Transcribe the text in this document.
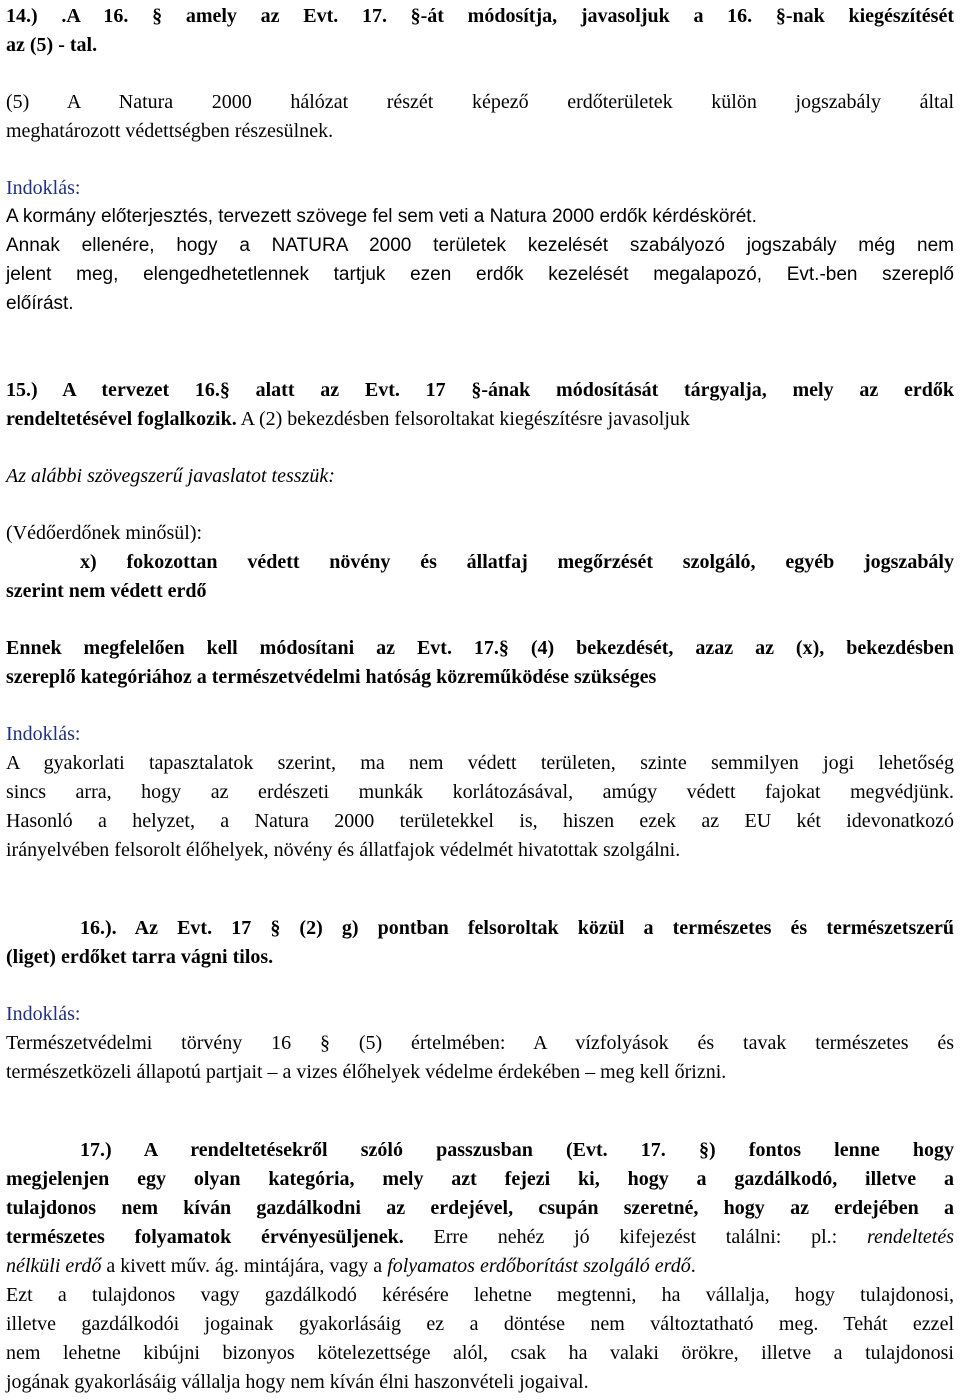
14.) .A 16. § amely az Evt. 17. §-át módosítja, javasoljuk a 16. §-nak kiegészítését
az (5) - tal.
(5) A Natura 2000 hálózat részét képező erdőterületek külön jogszabály által
meghatározott védettségben részesülnek.
Indoklás:
A kormány előterjesztés, tervezett szövege fel sem veti a Natura 2000 erdők kérdéskörét.
Annak ellenére, hogy a NATURA 2000 területek kezelését szabályozó jogszabály még nem
jelent meg, elengedhetetlennek tartjuk ezen erdők kezelését megalapozó, Evt.-ben szereplő
előírást.
15.) A tervezet 16.§ alatt az Evt. 17 §-ának módosítását tárgyalja, mely az erdők
rendeltetésével foglalkozik. A (2) bekezdésben felsoroltakat kiegészítésre javasoljuk
Az alábbi szövegszerű javaslatot tesszük:
(Védőerdőnek minősül):
x) fokozottan védett növény és állatfaj megőrzését szolgáló, egyéb jogszabály
szerint nem védett erdő
Ennek megfelelően kell módosítani az Evt. 17.§ (4) bekezdését, azaz az (x), bekezdésben
szereplő kategóriához a természetvédelmi hatóság közreműködése szükséges
Indoklás:
A gyakorlati tapasztalatok szerint, ma nem védett területen, szinte semmilyen jogi lehetőség
sincs arra, hogy az erdészeti munkák korlátozásával, amúgy védett fajokat megvédjünk.
Hasonló a helyzet, a Natura 2000 területekkel is, hiszen ezek az EU két idevonatkozó
irányelvében felsorolt élőhelyek, növény és állatfajok védelmét hivatottak szolgálni.
16.). Az Evt. 17 § (2) g) pontban felsoroltak közül a természetes és természetszerű
(liget) erdőket tarra vágni tilos.
Indoklás:
Természetvédelmi törvény 16 § (5) értelmében: A vízfolyások és tavak természetes és
természetközeli állapotú partjait – a vizes élőhelyek védelme érdekében – meg kell őrizni.
17.) A rendeltetésekről szóló passzusban (Evt. 17. §) fontos lenne hogy
megjelenjen egy olyan kategória, mely azt fejezi ki, hogy a gazdálkodó, illetve a
tulajdonos nem kíván gazdálkodni az erdejével, csupán szeretné, hogy az erdejében a
természetes folyamatok érvényesüljenek. Erre nehéz jó kifejezést találni: pl.: rendeltetés
nélküli erdő a kivett műv. ág. mintájára, vagy a folyamatos erdőborítást szolgáló erdő.
Ezt a tulajdonos vagy gazdálkodó kérésére lehetne megtenni, ha vállalja, hogy tulajdonosi,
illetve gazdálkodói jogainak gyakorlásáig ez a döntése nem változtatható meg. Tehát ezzel
nem lehetne kibújni bizonyos kötelezettsége alól, csak ha valaki örökre, illetve a tulajdonosi
jogának gyakorlásáig vállalja hogy nem kíván élni haszonvételi jogaival.
